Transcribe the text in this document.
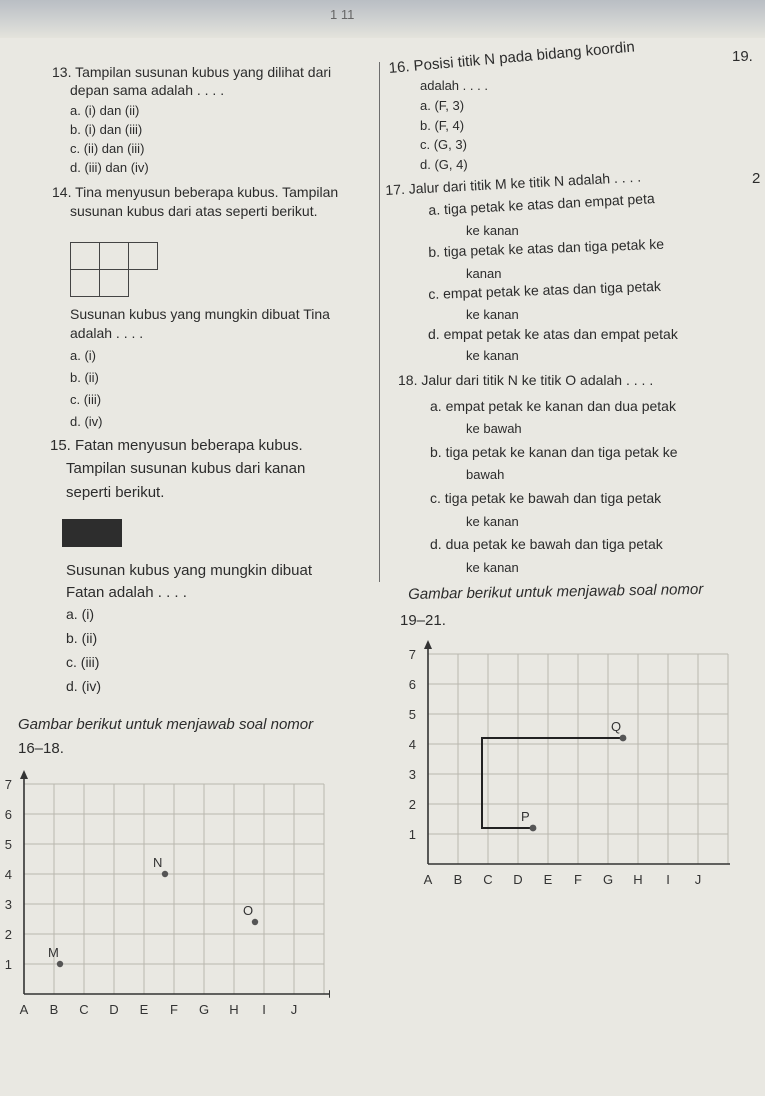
1 11
13. Tampilan susunan kubus yang dilihat dari
depan sama adalah . . . .
a. (i) dan (ii)
b. (i) dan (iii)
c. (ii) dan (iii)
d. (iii) dan (iv)
14. Tina menyusun beberapa kubus. Tampilan
susunan kubus dari atas seperti berikut.
Susunan kubus yang mungkin dibuat Tina
adalah . . . .
a. (i)
b. (ii)
c. (iii)
d. (iv)
15. Fatan menyusun beberapa kubus.
Tampilan susunan kubus dari kanan
seperti berikut.
Susunan kubus yang mungkin dibuat
Fatan adalah . . . .
a. (i)
b. (ii)
c. (iii)
d. (iv)
Gambar berikut untuk menjawab soal nomor
16–18.
A B C D E F G H I J
1
2
3
4
5
6
7
M
N
O
16. Posisi titik N pada bidang koordin
adalah . . . .
a. (F, 3)
b. (F, 4)
c. (G, 3)
d. (G, 4)
19.
17. Jalur dari titik M ke titik N adalah . . . .
a. tiga petak ke atas dan empat peta
ke kanan
b. tiga petak ke atas dan tiga petak ke
kanan
c. empat petak ke atas dan tiga petak
ke kanan
d. empat petak ke atas dan empat petak
ke kanan
2
18. Jalur dari titik N ke titik O adalah . . . .
a. empat petak ke kanan dan dua petak
ke bawah
b. tiga petak ke kanan dan tiga petak ke
bawah
c. tiga petak ke bawah dan tiga petak
ke kanan
d. dua petak ke bawah dan tiga petak
ke kanan
Gambar berikut untuk menjawab soal nomor
19–21.
A B C D E F G H I J
1
2
3
4
5
6
7
P
Q
